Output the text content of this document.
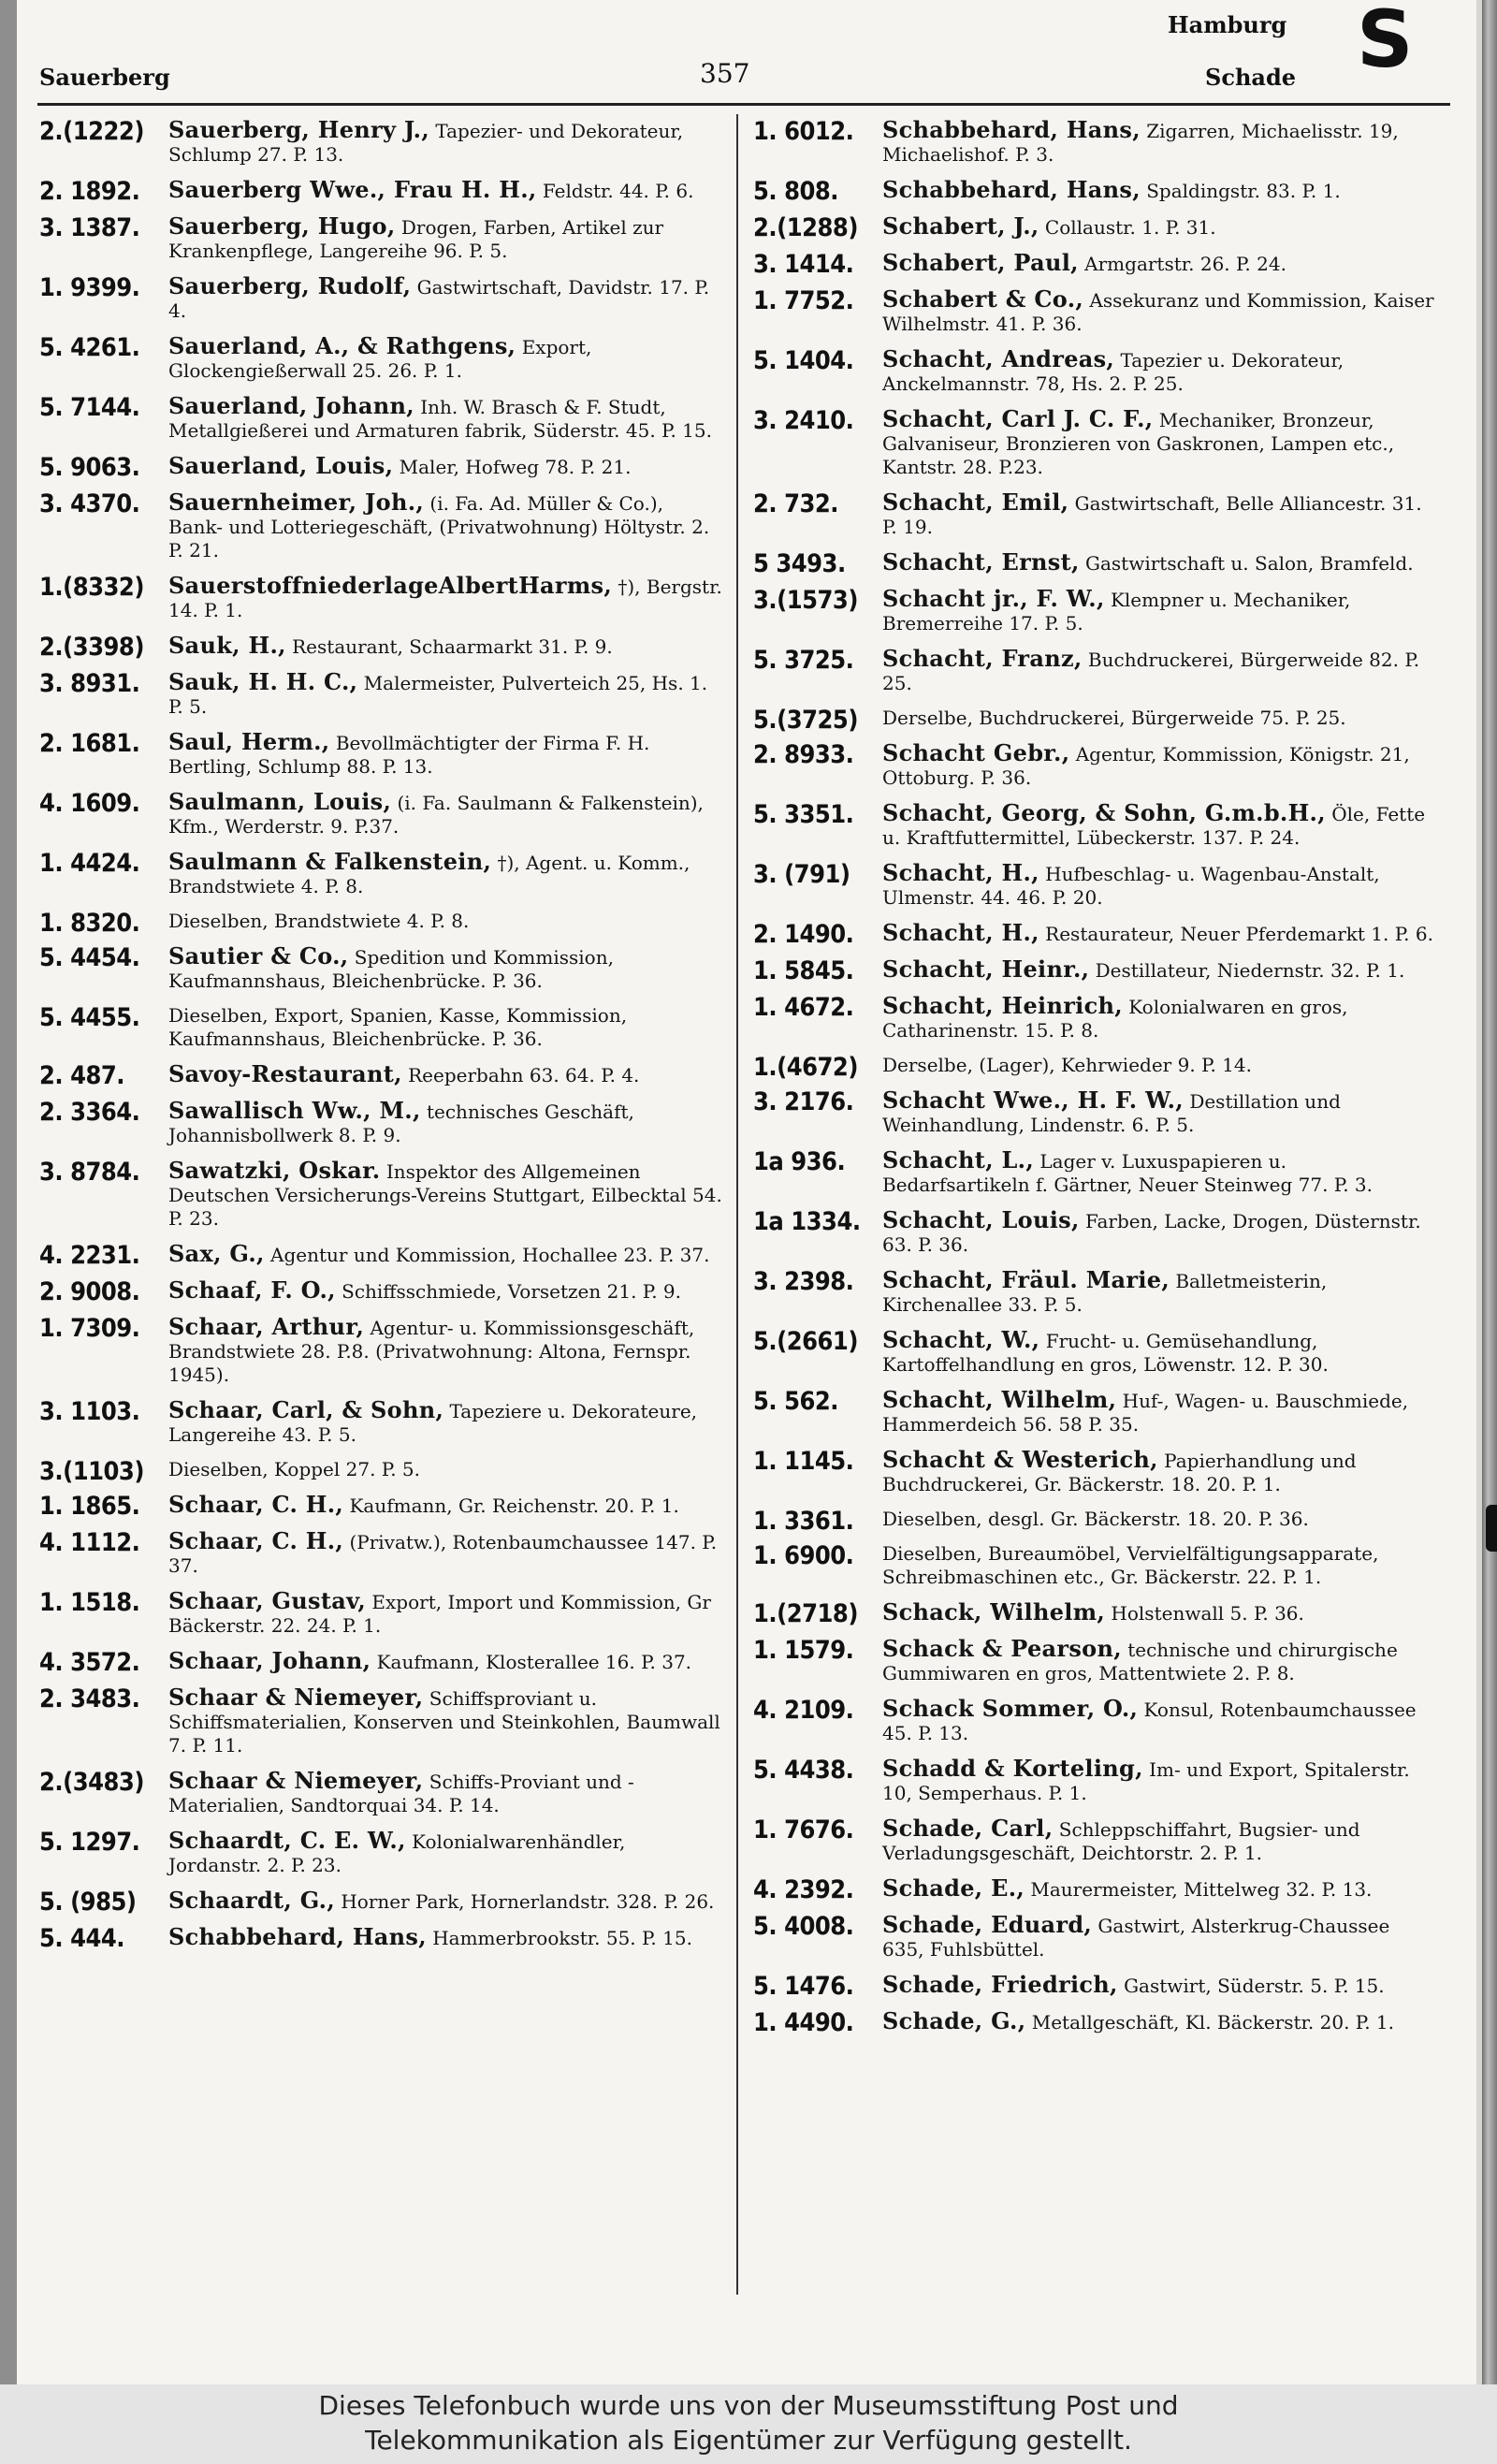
Sauerberg	357
Hamburg
Schade S
2.(1222)	Sauerberg, Henry J., Tapezier- und Dekorateur, Schlump 27. P. 13.
2. 1892.	Sauerberg Wwe., Frau H. H., Feldstr. 44. P. 6.
3. 1387.	Sauerberg, Hugo, Drogen, Farben, Artikel zur Krankenpflege, Langereihe 96. P. 5.
1. 9399.	Sauerberg, Rudolf, Gastwirtschaft, Davidstr. 17. P. 4.
5. 4261.	Sauerland, A., & Rathgens, Export, Glockengießerwall 25. 26. P. 1.
5. 7144.	Sauerland, Johann, Inh. W. Brasch & F. Studt, Metallgießerei und Armaturen fabrik, Süderstr. 45. P. 15.
5. 9063.	Sauerland, Louis, Maler, Hofweg 78. P. 21.
3. 4370.	Sauernheimer, Joh., (i. Fa. Ad. Müller & Co.), Bank- und Lotteriegeschäft, (Privatwohnung) Höltystr. 2. P. 21.
1.(8332)	SauerstoffniederlageAlbertHarms, †), Bergstr. 14. P. 1.
2.(3398)	Sauk, H., Restaurant, Schaarmarkt 31. P. 9.
3. 8931.	Sauk, H. H. C., Malermeister, Pulverteich 25, Hs. 1. P. 5.
2. 1681.	Saul, Herm., Bevollmächtigter der Firma F. H. Bertling, Schlump 88. P. 13.
4. 1609.	Saulmann, Louis, (i. Fa. Saulmann & Falkenstein), Kfm., Werderstr. 9. P.37.
1. 4424.	Saulmann & Falkenstein, †), Agent. u. Komm., Brandstwiete 4. P. 8.
1. 8320.	Dieselben, Brandstwiete 4. P. 8.
5. 4454.	Sautier & Co., Spedition und Kommission, Kaufmannshaus, Bleichenbrücke. P. 36.
5. 4455.	Dieselben, Export, Spanien, Kasse, Kommission, Kaufmannshaus, Bleichenbrücke. P. 36.
2. 487.	Savoy-Restaurant, Reeperbahn 63. 64. P. 4.
2. 3364.	Sawallisch Ww., M., technisches Geschäft, Johannisbollwerk 8. P. 9.
3. 8784.	Sawatzki, Oskar. Inspektor des Allgemeinen Deutschen Versicherungs-Vereins Stuttgart, Eilbecktal 54. P. 23.
4. 2231.	Sax, G., Agentur und Kommission, Hochallee 23. P. 37.
2. 9008.	Schaaf, F. O., Schiffsschmiede, Vorsetzen 21. P. 9.
1. 7309.	Schaar, Arthur, Agentur- u. Kommissionsgeschäft, Brandstwiete 28. P.8. (Privatwohnung: Altona, Fernspr. 1945).
3. 1103.	Schaar, Carl, & Sohn, Tapeziere u. Dekorateure, Langereihe 43. P. 5.
3.(1103)	Dieselben, Koppel 27. P. 5.
1. 1865.	Schaar, C. H., Kaufmann, Gr. Reichenstr. 20. P. 1.
4. 1112.	Schaar, C. H., (Privatw.), Rotenbaumchaussee 147. P. 37.
1. 1518.	Schaar, Gustav, Export, Import und Kommission, Gr Bäckerstr. 22. 24. P. 1.
4. 3572.	Schaar, Johann, Kaufmann, Klosterallee 16. P. 37.
2. 3483.	Schaar & Niemeyer, Schiffsproviant u. Schiffsmaterialien, Konserven und Steinkohlen, Baumwall 7. P. 11.
2.(3483)	Schaar & Niemeyer, Schiffs-Proviant und -Materialien, Sandtorquai 34. P. 14.
5. 1297.	Schaardt, C. E. W., Kolonialwarenhändler, Jordanstr. 2. P. 23.
5. (985)	Schaardt, G., Horner Park, Hornerlandstr. 328. P. 26.
5. 444.	Schabbehard, Hans, Hammerbrookstr. 55. P. 15.
1. 6012.	Schabbehard, Hans, Zigarren, Michaelisstr. 19, Michaelishof. P. 3.
5. 808.	Schabbehard, Hans, Spaldingstr. 83. P. 1.
2.(1288)	Schabert, J., Collaustr. 1. P. 31.
3. 1414.	Schabert, Paul, Armgartstr. 26. P. 24.
1. 7752.	Schabert & Co., Assekuranz und Kommission, Kaiser Wilhelmstr. 41. P. 36.
5. 1404.	Schacht, Andreas, Tapezier u. Dekorateur, Anckelmannstr. 78, Hs. 2. P. 25.
3. 2410.	Schacht, Carl J. C. F., Mechaniker, Bronzeur, Galvaniseur, Bronzieren von Gaskronen, Lampen etc., Kantstr. 28. P.23.
2. 732.	Schacht, Emil, Gastwirtschaft, Belle Alliancestr. 31. P. 19.
5 3493.	Schacht, Ernst, Gastwirtschaft u. Salon, Bramfeld.
3.(1573)	Schacht jr., F. W., Klempner u. Mechaniker, Bremerreihe 17. P. 5.
5. 3725.	Schacht, Franz, Buchdruckerei, Bürgerweide 82. P. 25.
5.(3725)	Derselbe, Buchdruckerei, Bürgerweide 75. P. 25.
2. 8933.	Schacht Gebr., Agentur, Kommission, Königstr. 21, Ottoburg. P. 36.
5. 3351.	Schacht, Georg, & Sohn, G.m.b.H., Öle, Fette u. Kraftfuttermittel, Lübeckerstr. 137. P. 24.
3. (791)	Schacht, H., Hufbeschlag- u. Wagenbau-Anstalt, Ulmenstr. 44. 46. P. 20.
2. 1490.	Schacht, H., Restaurateur, Neuer Pferdemarkt 1. P. 6.
1. 5845.	Schacht, Heinr., Destillateur, Niedernstr. 32. P. 1.
1. 4672.	Schacht, Heinrich, Kolonialwaren en gros, Catharinenstr. 15. P. 8.
1.(4672)	Derselbe, (Lager), Kehrwieder 9. P. 14.
3. 2176.	Schacht Wwe., H. F. W., Destillation und Weinhandlung, Lindenstr. 6. P. 5.
1a 936.	Schacht, L., Lager v. Luxuspapieren u. Bedarfsartikeln f. Gärtner, Neuer Steinweg 77. P. 3.
1a 1334. Schacht, Louis, Farben, Lacke, Drogen, Düsternstr. 63. P. 36.
3. 2398.	Schacht, Fräul. Marie, Balletmeisterin, Kirchenallee 33. P. 5.
5.(2661)	Schacht, W., Frucht- u. Gemüsehandlung, Kartoffelhandlung en gros, Löwenstr. 12. P. 30.
5. 562.	Schacht, Wilhelm, Huf-, Wagen- u. Bauschmiede, Hammerdeich 56. 58 P. 35.
1. 1145.	Schacht & Westerich, Papierhandlung und Buchdruckerei, Gr. Bäckerstr. 18. 20. P. 1.
1. 3361.	Dieselben, desgl. Gr. Bäckerstr. 18. 20. P. 36.
1. 6900.	Dieselben, Bureaumöbel, Vervielfältigungsapparate, Schreibmaschinen etc., Gr. Bäckerstr. 22. P. 1.
1.(2718)	Schack, Wilhelm, Holstenwall 5. P. 36.
1. 1579.	Schack & Pearson, technische und chirurgische Gummiwaren en gros, Mattentwiete 2. P. 8.
4. 2109.	Schack Sommer, O., Konsul, Rotenbaumchaussee 45. P. 13.
5. 4438.	Schadd & Korteling, Im- und Export, Spitalerstr. 10, Semperhaus. P. 1.
1. 7676.	Schade, Carl, Schleppschiffahrt, Bugsier- und Verladungsgeschäft, Deichtorstr. 2. P. 1.
4. 2392.	Schade, E., Maurermeister, Mittelweg 32. P. 13.
5. 4008.	Schade, Eduard, Gastwirt, Alsterkrug-Chaussee 635, Fuhlsbüttel.
5. 1476.	Schade, Friedrich, Gastwirt, Süderstr. 5. P. 15.
1. 4490.	Schade, G., Metallgeschäft, Kl. Bäckerstr. 20. P. 1.
Dieses Telefonbuch wurde uns von der Museumsstiftung Post und
Telekommunikation als Eigentümer zur Verfügung gestellt.
